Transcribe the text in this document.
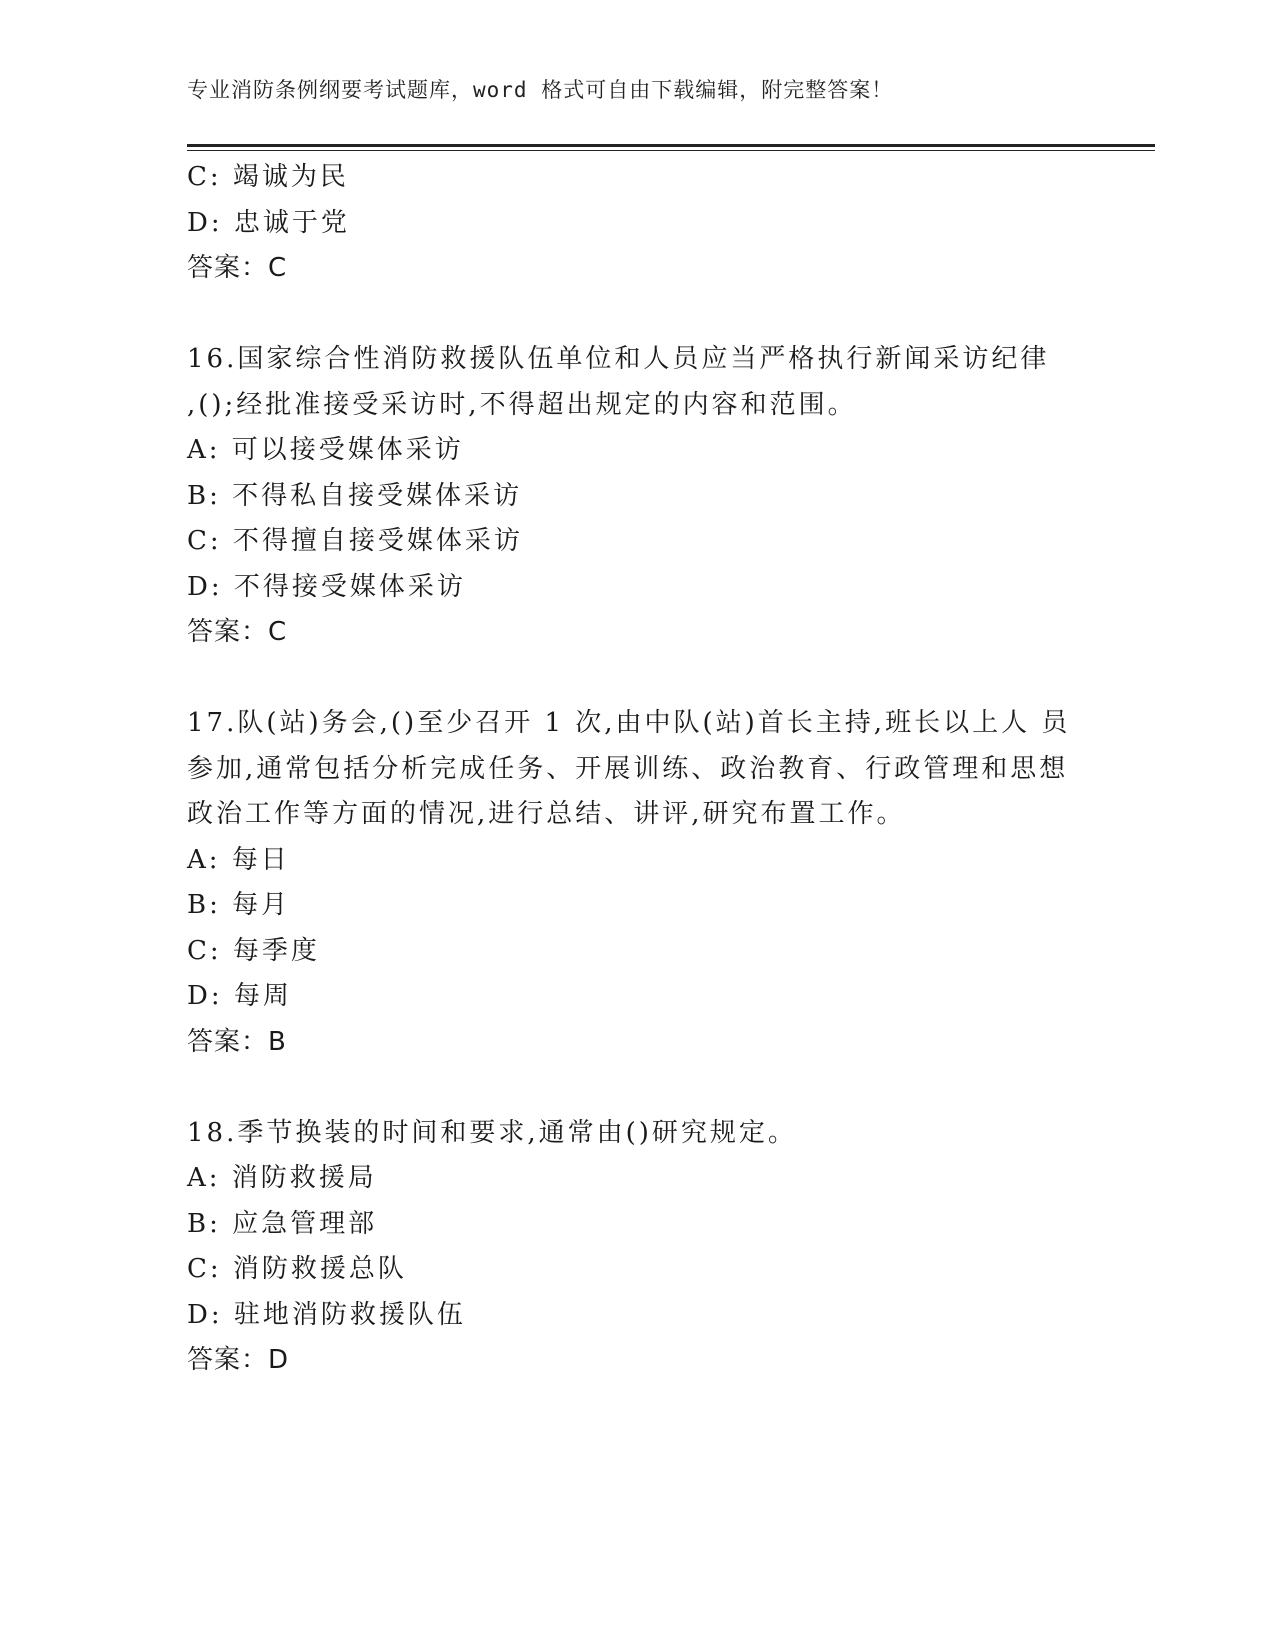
专业消防条例纲要考试题库，word 格式可自由下载编辑，附完整答案！
C: 竭诚为民
D: 忠诚于党
答案：C
16.国家综合性消防救援队伍单位和人员应当严格执行新闻采访纪律
,();经批准接受采访时,不得超出规定的内容和范围。
A: 可以接受媒体采访
B: 不得私自接受媒体采访
C: 不得擅自接受媒体采访
D: 不得接受媒体采访
答案：C
17.队(站)务会,()至少召开 1 次,由中队(站)首长主持,班长以上人 员
参加,通常包括分析完成任务、开展训练、政治教育、行政管理和思想
政治工作等方面的情况,进行总结、讲评,研究布置工作。
A: 每日
B: 每月
C: 每季度
D: 每周
答案：B
18.季节换装的时间和要求,通常由()研究规定。
A: 消防救援局
B: 应急管理部
C: 消防救援总队
D: 驻地消防救援队伍
答案：D
